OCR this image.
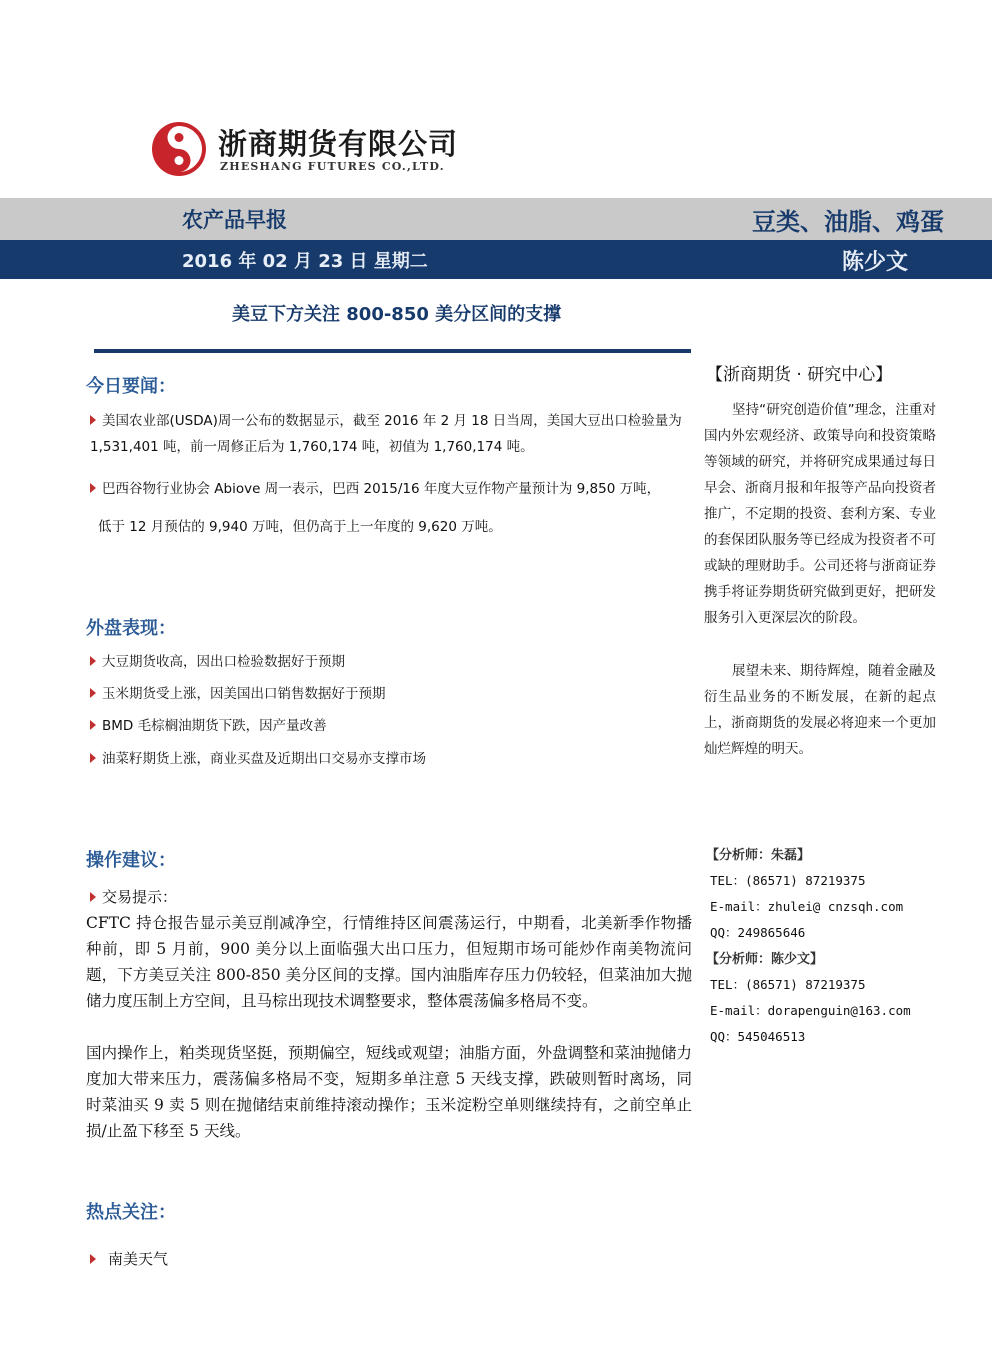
浙商期货有限公司
ZHESHANG FUTURES CO.,LTD.
农产品早报	豆类、油脂、鸡蛋
2016 年 02 月 23 日 星期二	陈少文
美豆下方关注 800-850 美分区间的支撑
今日要闻：
美国农业部(USDA)周一公布的数据显示，截至 2016 年 2 月 18 日当周，美国大豆出口检验量为 1,531,401 吨，前一周修正后为 1,760,174 吨，初值为 1,760,174 吨。
巴西谷物行业协会 Abiove 周一表示，巴西 2015/16 年度大豆作物产量预计为 9,850 万吨，
低于 12 月预估的 9,940 万吨，但仍高于上一年度的 9,620 万吨。
外盘表现：
大豆期货收高，因出口检验数据好于预期
玉米期货受上涨，因美国出口销售数据好于预期
BMD 毛棕榈油期货下跌，因产量改善
油菜籽期货上涨，商业买盘及近期出口交易亦支撑市场
操作建议：
交易提示：
CFTC 持仓报告显示美豆削减净空，行情维持区间震荡运行，中期看，北美新季作物播种前，即 5 月前，900 美分以上面临强大出口压力，但短期市场可能炒作南美物流问题，下方美豆关注 800-850 美分区间的支撑。国内油脂库存压力仍较轻，但菜油加大抛储力度压制上方空间，且马棕出现技术调整要求，整体震荡偏多格局不变。
国内操作上，粕类现货坚挺，预期偏空，短线或观望；油脂方面，外盘调整和菜油抛储力度加大带来压力，震荡偏多格局不变，短期多单注意 5 天线支撑，跌破则暂时离场，同时菜油买 9 卖 5 则在抛储结束前维持滚动操作；玉米淀粉空单则继续持有，之前空单止损/止盈下移至 5 天线。
热点关注：
南美天气
【浙商期货 · 研究中心】
坚持“研究创造价值”理念，注重对国内外宏观经济、政策导向和投资策略等领域的研究，并将研究成果通过每日早会、浙商月报和年报等产品向投资者推广，不定期的投资、套利方案、专业的套保团队服务等已经成为投资者不可或缺的理财助手。公司还将与浙商证券携手将证券期货研究做到更好，把研发服务引入更深层次的阶段。
展望未来、期待辉煌，随着金融及衍生品业务的不断发展，在新的起点上，浙商期货的发展必将迎来一个更加灿烂辉煌的明天。
【分析师：朱磊】
TEL：(86571) 87219375
E-mail：zhulei@ cnzsqh.com
QQ：249865646
【分析师：陈少文】
TEL：(86571) 87219375
E-mail：dorapenguin@163.com
QQ：545046513
